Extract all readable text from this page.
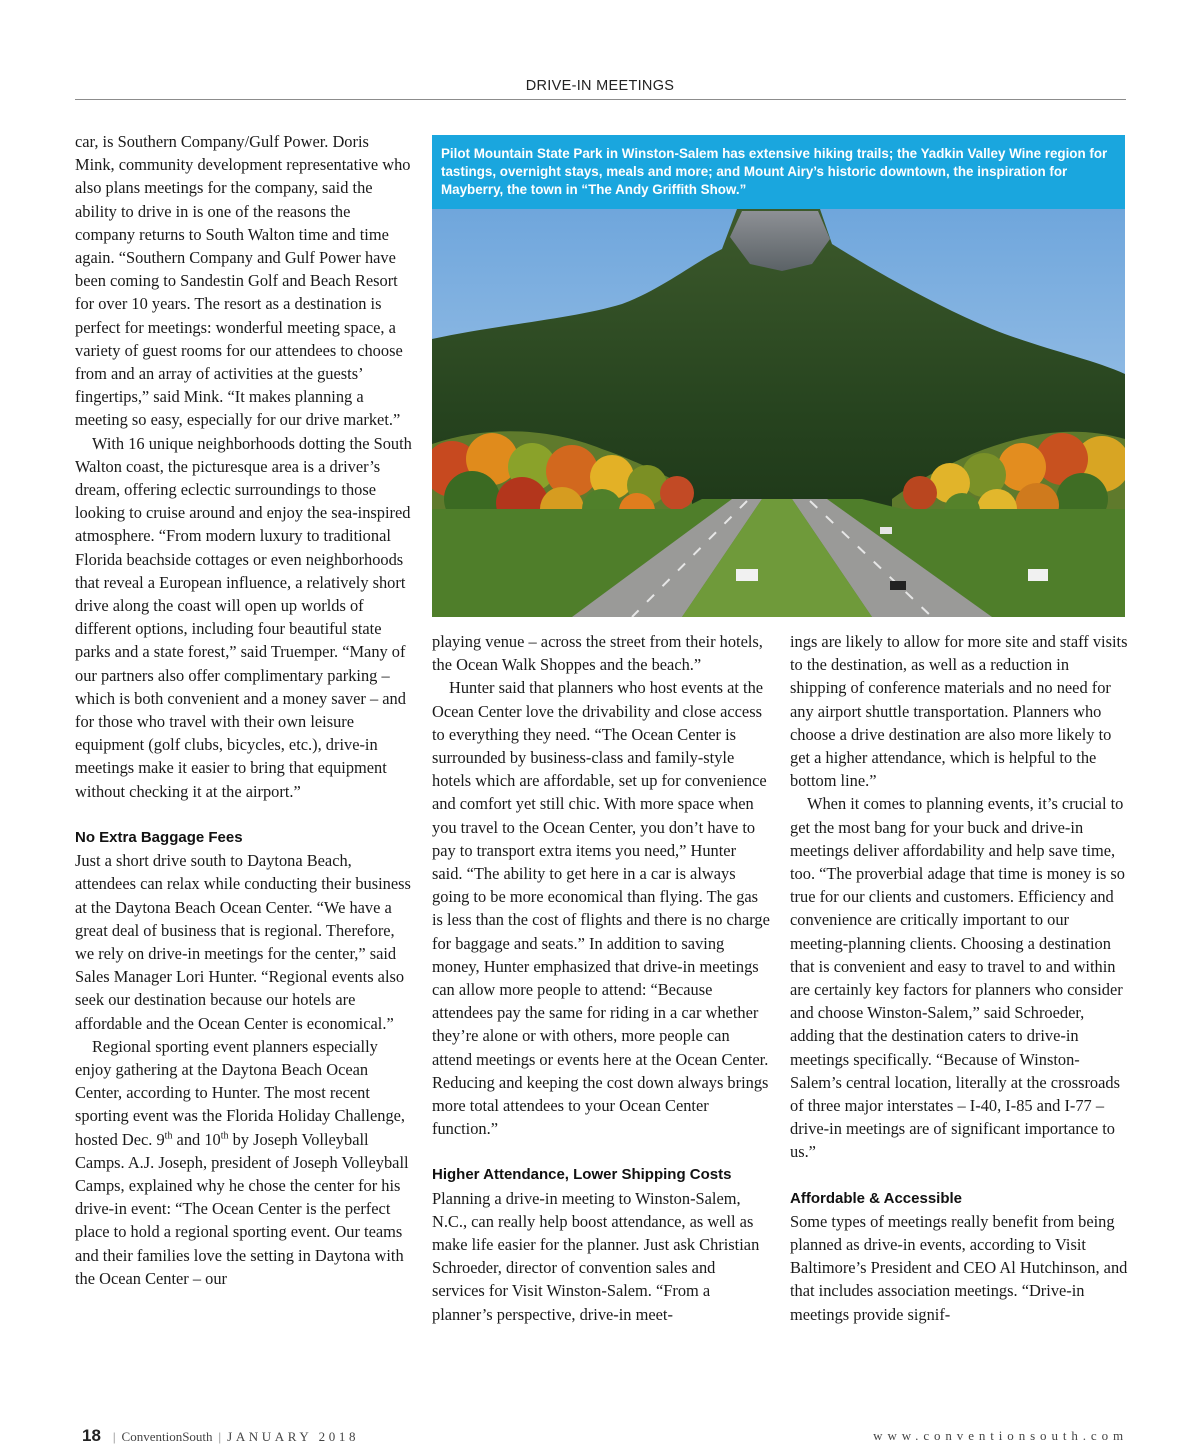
DRIVE-IN MEETINGS

car, is Southern Company/Gulf Power. Doris Mink, community development representative who also plans meetings for the company, said the ability to drive in is one of the reasons the company returns to South Walton time and time again. “Southern Company and Gulf Power have been coming to Sandestin Golf and Beach Resort for over 10 years. The resort as a destination is perfect for meetings: wonderful meeting space, a variety of guest rooms for our attendees to choose from and an array of activities at the guests’ fingertips,” said Mink. “It makes planning a meeting so easy, especially for our drive market.”

With 16 unique neighborhoods dotting the South Walton coast, the picturesque area is a driver’s dream, offering eclectic surroundings to those looking to cruise around and enjoy the sea-inspired atmosphere. “From modern luxury to traditional Florida beachside cottages or even neighborhoods that reveal a European influence, a relatively short drive along the coast will open up worlds of different options, including four beautiful state parks and a state forest,” said Truemper. “Many of our partners also offer complimentary parking – which is both convenient and a money saver – and for those who travel with their own leisure equipment (golf clubs, bicycles, etc.), drive-in meetings make it easier to bring that equipment without checking it at the airport.”

No Extra Baggage Fees

Just a short drive south to Daytona Beach, attendees can relax while conducting their business at the Daytona Beach Ocean Center. “We have a great deal of business that is regional. Therefore, we rely on drive-in meetings for the center,” said Sales Manager Lori Hunter. “Regional events also seek our destination because our hotels are affordable and the Ocean Center is economical.”

Regional sporting event planners especially enjoy gathering at the Daytona Beach Ocean Center, according to Hunter. The most recent sporting event was the Florida Holiday Challenge, hosted Dec. 9th and 10th by Joseph Volleyball Camps. A.J. Joseph, president of Joseph Volleyball Camps, explained why he chose the center for his drive-in event: “The Ocean Center is the perfect place to hold a regional sporting event. Our teams and their families love the setting in Daytona with the Ocean Center – our

Pilot Mountain State Park in Winston-Salem has extensive hiking trails; the Yadkin Valley Wine region for tastings, overnight stays, meals and more; and Mount Airy’s historic downtown, the inspiration for Mayberry, the town in “The Andy Griffith Show.”

playing venue – across the street from their hotels, the Ocean Walk Shoppes and the beach.”

Hunter said that planners who host events at the Ocean Center love the drivability and close access to everything they need. “The Ocean Center is surrounded by business-class and family-style hotels which are affordable, set up for convenience and comfort yet still chic. With more space when you travel to the Ocean Center, you don’t have to pay to transport extra items you need,” Hunter said. “The ability to get here in a car is always going to be more economical than flying. The gas is less than the cost of flights and there is no charge for baggage and seats.” In addition to saving money, Hunter emphasized that drive-in meetings can allow more people to attend: “Because attendees pay the same for riding in a car whether they’re alone or with others, more people can attend meetings or events here at the Ocean Center. Reducing and keeping the cost down always brings more total attendees to your Ocean Center function.”

Higher Attendance, Lower Shipping Costs

Planning a drive-in meeting to Winston-Salem, N.C., can really help boost attendance, as well as make life easier for the planner. Just ask Christian Schroeder, director of convention sales and services for Visit Winston-Salem. “From a planner’s perspective, drive-in meet-

ings are likely to allow for more site and staff visits to the destination, as well as a reduction in shipping of conference materials and no need for any airport shuttle transportation. Planners who choose a drive destination are also more likely to get a higher attendance, which is helpful to the bottom line.”

When it comes to planning events, it’s crucial to get the most bang for your buck and drive-in meetings deliver affordability and help save time, too. “The proverbial adage that time is money is so true for our clients and customers. Efficiency and convenience are critically important to our meeting-planning clients. Choosing a destination that is convenient and easy to travel to and within are certainly key factors for planners who consider and choose Winston-Salem,” said Schroeder, adding that the destination caters to drive-in meetings specifically. “Because of Winston-Salem’s central location, literally at the crossroads of three major interstates – I-40, I-85 and I-77 – drive-in meetings are of significant importance to us.”

Affordable & Accessible

Some types of meetings really benefit from being planned as drive-in events, according to Visit Baltimore’s President and CEO Al Hutchinson, and that includes association meetings. “Drive-in meetings provide signif-

18 | ConventionSouth | JANUARY 2018	www.conventionsouth.com
